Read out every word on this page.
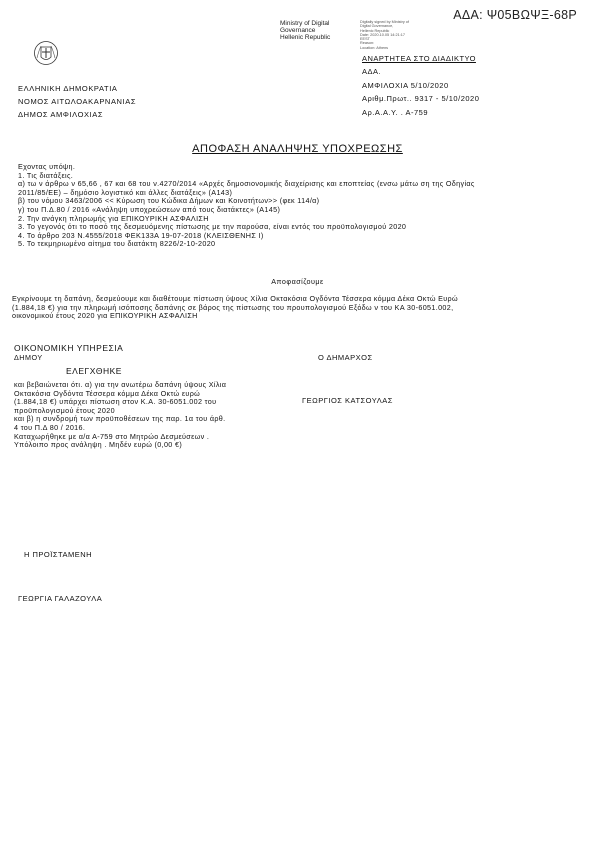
ΑΔΑ: Ψ05ΒΩΨΞ-68Ρ
Ministry of Digital
Governance
Hellenic Republic
Digitally signed by Ministry of
Digital Governance,
Hellenic Republic
Date: 2020.10.05 14:21:17
EEST
Reason:
Location: Athens
ΕΛΛΗΝΙΚΗ ΔΗΜΟΚΡΑΤΙΑ
ΝΟΜΟΣ ΑΙΤΩΛΟΑΚΑΡΝΑΝΙΑΣ
ΔΗΜΟΣ ΑΜΦΙΛΟΧΙΑΣ
ΑΝΑΡΤΗΤΕΑ ΣΤΟ ΔΙΑΔΙΚΤΥΟ
ΑΔΑ.
ΑΜΦΙΛΟΧΙΑ 5/10/2020
Αριθμ.Πρωτ.. 9317 - 5/10/2020
Αρ.Α.Α.Υ. . Α-759
ΑΠΟΦΑΣΗ ΑΝΑΛΗΨΗΣ ΥΠΟΧΡΕΩΣΗΣ
Εχοντας υπόψη.
1. Τις διατάξεις.
α) τω ν άρθρω ν 65,66 , 67 και 68 του ν.4270/2014 «Αρχές δημοσιονομικής διαχείρισης και εποπτείας (ενσω μάτω ση της Οδηγίας
2011/85/ΕΕ) – δημόσιο λογιστικό και άλλες διατάξεις» (Α143)
β) του νόμου 3463/2006 << Κύρωση του Κώδικα Δήμων και Κοινοτήτων>> (φεκ 114/α)
γ) του Π.Δ.80 / 2016 «Ανάληψη υποχρεώσεων από τους διατάκτες» (Α145)
2. Την ανάγκη πληρωμής για ΕΠΙΚΟΥΡΙΚΗ ΑΣΦΑΛΙΣΗ
3. Το γεγονός ότι το ποσό της δεσμευόμενης πίστωσης με την παρούσα, είναι εντός του προϋπολογισμού 2020
4. Το άρθρο 203 Ν.4555/2018 ΦΕΚ133Α 19-07-2018 (ΚΛΕΙΣΘΕΝΗΣ Ι)
5. Το τεκμηριωμένο αίτημα του διατάκτη 8226/2-10-2020
Αποφασίζουμε
Εγκρίνουμε τη δαπάνη, δεσμεύουμε και διαθέτουμε πίστωση ύψους Χίλια Οκτακόσια Ογδόντα Τέσσερα κόμμα Δέκα Οκτώ Ευρώ
(1.884,18 €) για την πληρωμή ισόποσης δαπάνης σε βάρος της πίστωσης του προυπολογισμού Εξόδω ν του ΚΑ 30-6051.002,
οικονομικού έτους 2020 για ΕΠΙΚΟΥΡΙΚΗ ΑΣΦΑΛΙΣΗ
ΟΙΚΟΝΟΜΙΚΗ ΥΠΗΡΕΣΙΑ
ΔΗΜΟΥ	Ο ΔΗΜΑΡΧΟΣ
ΕΛΕΓΧΘΗΚΕ
και βεβαιώνεται ότι. α) για την ανωτέρω δαπάνη ύψους Χίλια
Οκτακόσια Ογδόντα Τέσσερα κόμμα Δέκα Οκτώ ευρώ
(1.884,18 €) υπάρχει πίστωση στον Κ.Α. 30-6051.002 του
προϋπολογισμού έτους 2020
και β) η συνδρομή των προϋποθέσεων της παρ. 1α του άρθ.
4 του Π.Δ 80 / 2016.
Καταχωρήθηκε με α/α Α-759 στο Μητρώο Δεσμεύσεων .
Υπόλοιπο προς ανάληψη . Μηδέν ευρώ (0,00 €)
ΓΕΩΡΓΙΟΣ ΚΑΤΣΟΥΛΑΣ
Η ΠΡΟΪΣΤΑΜΕΝΗ
ΓΕΩΡΓΙΑ ΓΑΛΑΖΟΥΛΑ
